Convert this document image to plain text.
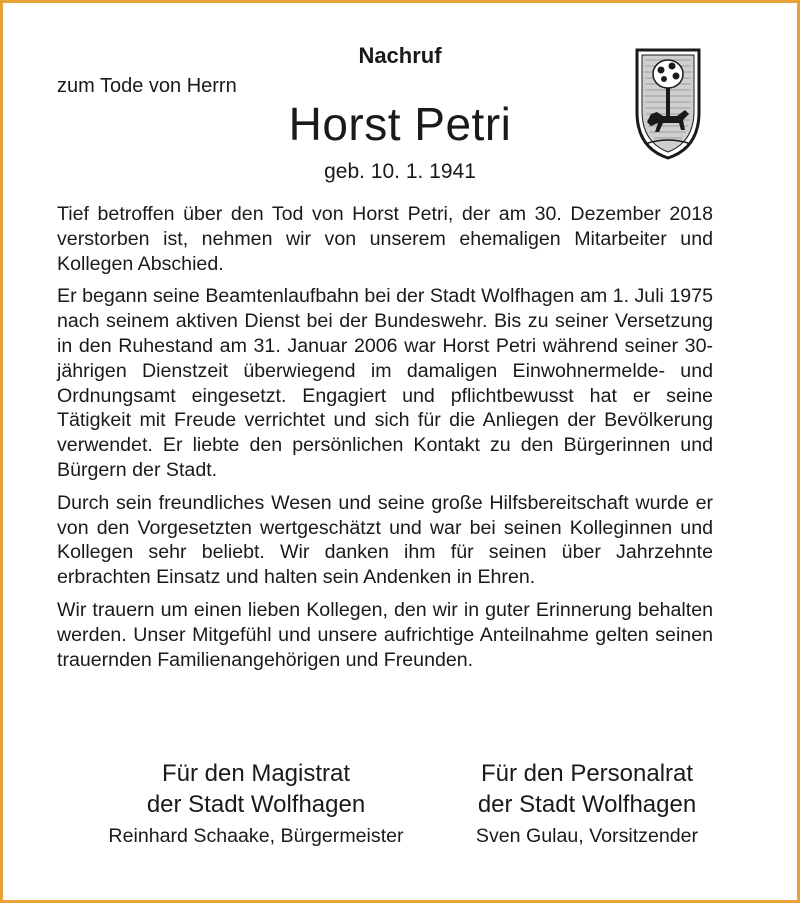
Nachruf
zum Tode von Herrn
Horst Petri
geb. 10. 1. 1941

Tief betroffen über den Tod von Horst Petri, der am 30. Dezember 2018 verstorben ist, nehmen wir von unserem ehemaligen Mitarbeiter und Kollegen Abschied.

Er begann seine Beamtenlaufbahn bei der Stadt Wolfhagen am 1. Juli 1975 nach seinem aktiven Dienst bei der Bundeswehr. Bis zu seiner Versetzung in den Ruhestand am 31. Januar 2006 war Horst Petri während seiner 30-jährigen Dienstzeit überwiegend im damaligen Einwohnermelde- und Ordnungsamt eingesetzt. Engagiert und pflichtbewusst hat er seine Tätigkeit mit Freude verrichtet und sich für die Anliegen der Bevölkerung verwendet. Er liebte den persönlichen Kontakt zu den Bürgerinnen und Bürgern der Stadt.

Durch sein freundliches Wesen und seine große Hilfsbereitschaft wurde er von den Vorgesetzten wertgeschätzt und war bei seinen Kolleginnen und Kollegen sehr beliebt. Wir danken ihm für seinen über Jahrzehnte erbrachten Einsatz und halten sein Andenken in Ehren.

Wir trauern um einen lieben Kollegen, den wir in guter Erinnerung behalten werden. Unser Mitgefühl und unsere aufrichtige Anteilnahme gelten seinen trauernden Familienangehörigen und Freunden.

Für den Magistrat
der Stadt Wolfhagen
Reinhard Schaake, Bürgermeister
Für den Personalrat
der Stadt Wolfhagen
Sven Gulau, Vorsitzender
